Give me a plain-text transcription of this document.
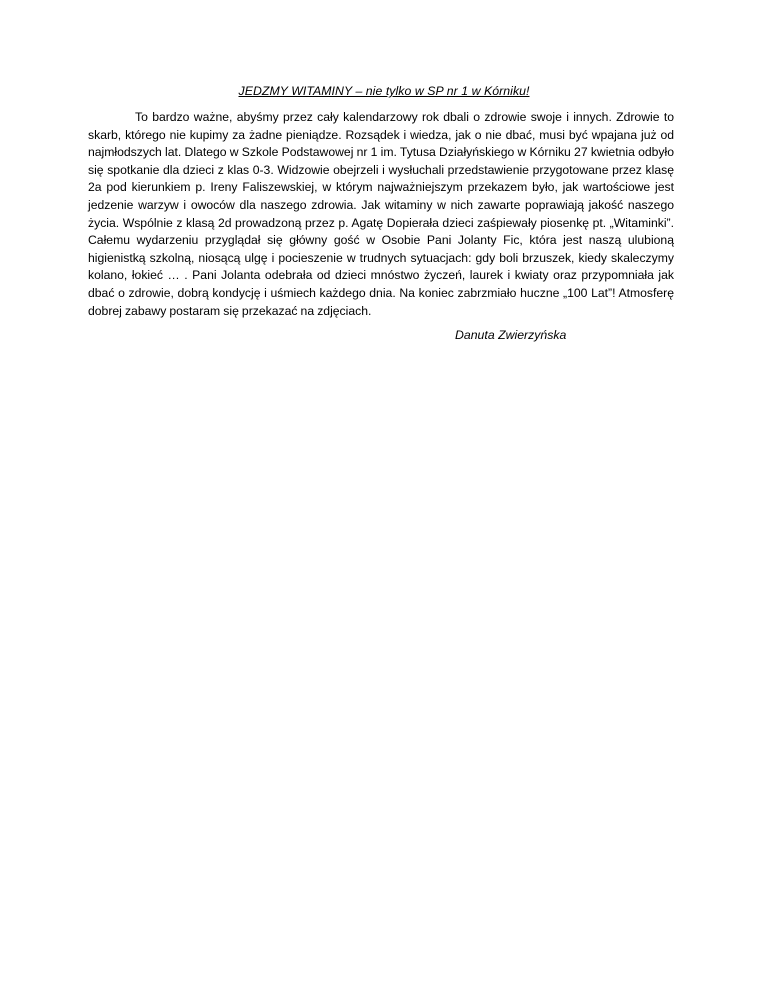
JEDZMY WITAMINY – nie tylko w SP nr 1 w Kórniku!

To bardzo ważne, abyśmy przez cały kalendarzowy rok dbali o zdrowie swoje i innych. Zdrowie to skarb, którego nie kupimy za żadne pieniądze. Rozsądek i wiedza, jak o nie dbać, musi być wpajana już od najmłodszych lat. Dlatego w Szkole Podstawowej nr 1 im. Tytusa Działyńskiego w Kórniku 27 kwietnia odbyło się spotkanie dla dzieci z klas 0-3. Widzowie obejrzeli i wysłuchali przedstawienie przygotowane przez klasę 2a pod kierunkiem p. Ireny Faliszewskiej, w którym najważniejszym przekazem było, jak wartościowe jest jedzenie warzyw i owoców dla naszego zdrowia. Jak witaminy w nich zawarte poprawiają jakość naszego życia. Wspólnie z klasą 2d prowadzoną przez p. Agatę Dopierała dzieci zaśpiewały piosenkę pt. „Witaminki”. Całemu wydarzeniu przyglądał się główny gość w Osobie Pani Jolanty Fic, która jest naszą ulubioną higienistką szkolną, niosącą ulgę i pocieszenie w trudnych sytuacjach: gdy boli brzuszek, kiedy skaleczymy kolano, łokieć … . Pani Jolanta odebrała od dzieci mnóstwo życzeń, laurek i kwiaty oraz przypomniała jak dbać o zdrowie, dobrą kondycję i uśmiech każdego dnia. Na koniec zabrzmiało huczne „100 Lat”! Atmosferę dobrej zabawy postaram się przekazać na zdjęciach.

Danuta Zwierzyńska
